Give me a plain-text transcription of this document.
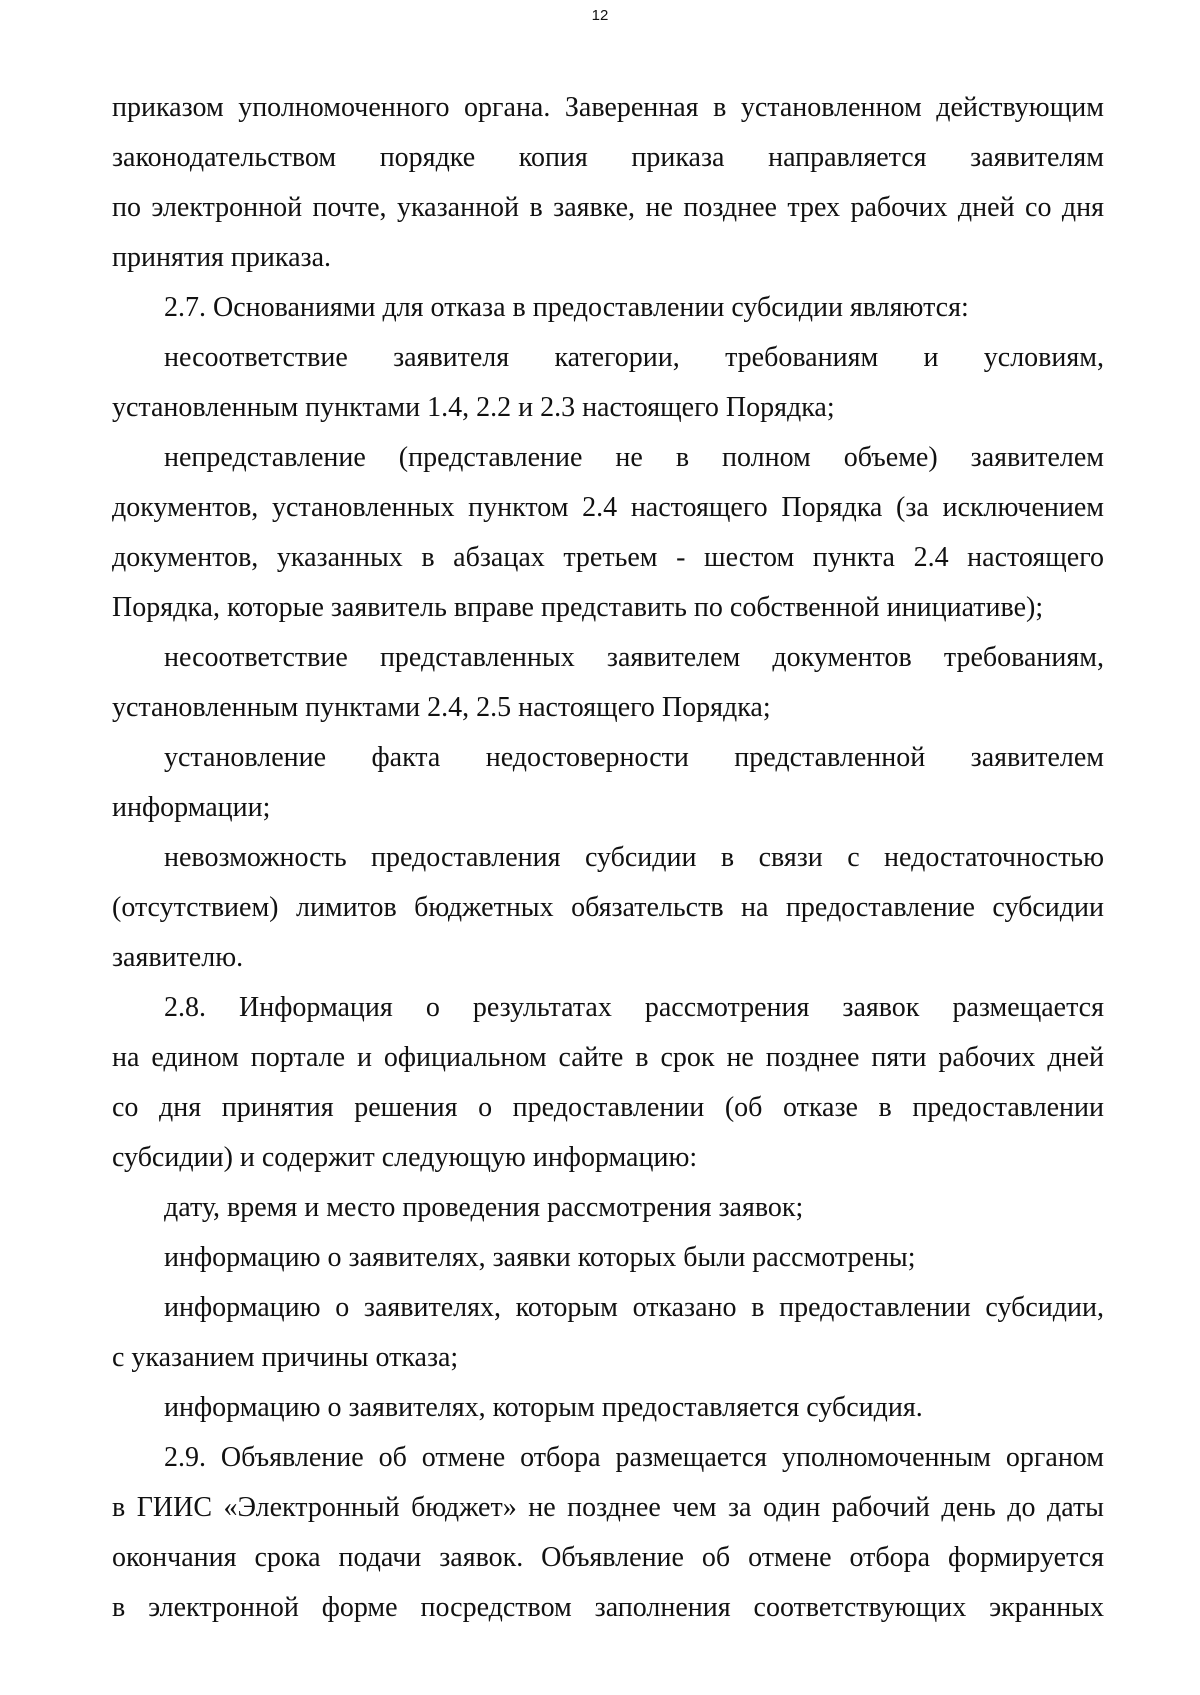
12
приказом уполномоченного органа. Заверенная в установленном действующим
законодательством порядке копия приказа направляется заявителям
по электронной почте, указанной в заявке, не позднее трех рабочих дней со дня
принятия приказа.
2.7. Основаниями для отказа в предоставлении субсидии являются:
несоответствие заявителя категории, требованиям и условиям,
установленным пунктами 1.4, 2.2 и 2.3 настоящего Порядка;
непредставление (представление не в полном объеме) заявителем
документов, установленных пунктом 2.4 настоящего Порядка (за исключением
документов, указанных в абзацах третьем - шестом пункта 2.4 настоящего
Порядка, которые заявитель вправе представить по собственной инициативе);
несоответствие представленных заявителем документов требованиям,
установленным пунктами 2.4, 2.5 настоящего Порядка;
установление факта недостоверности представленной заявителем
информации;
невозможность предоставления субсидии в связи с недостаточностью
(отсутствием) лимитов бюджетных обязательств на предоставление субсидии
заявителю.
2.8. Информация о результатах рассмотрения заявок размещается
на едином портале и официальном сайте в срок не позднее пяти рабочих дней
со дня принятия решения о предоставлении (об отказе в предоставлении
субсидии) и содержит следующую информацию:
дату, время и место проведения рассмотрения заявок;
информацию о заявителях, заявки которых были рассмотрены;
информацию о заявителях, которым отказано в предоставлении субсидии,
с указанием причины отказа;
информацию о заявителях, которым предоставляется субсидия.
2.9. Объявление об отмене отбора размещается уполномоченным органом
в ГИИС «Электронный бюджет» не позднее чем за один рабочий день до даты
окончания срока подачи заявок. Объявление об отмене отбора формируется
в электронной форме посредством заполнения соответствующих экранных
